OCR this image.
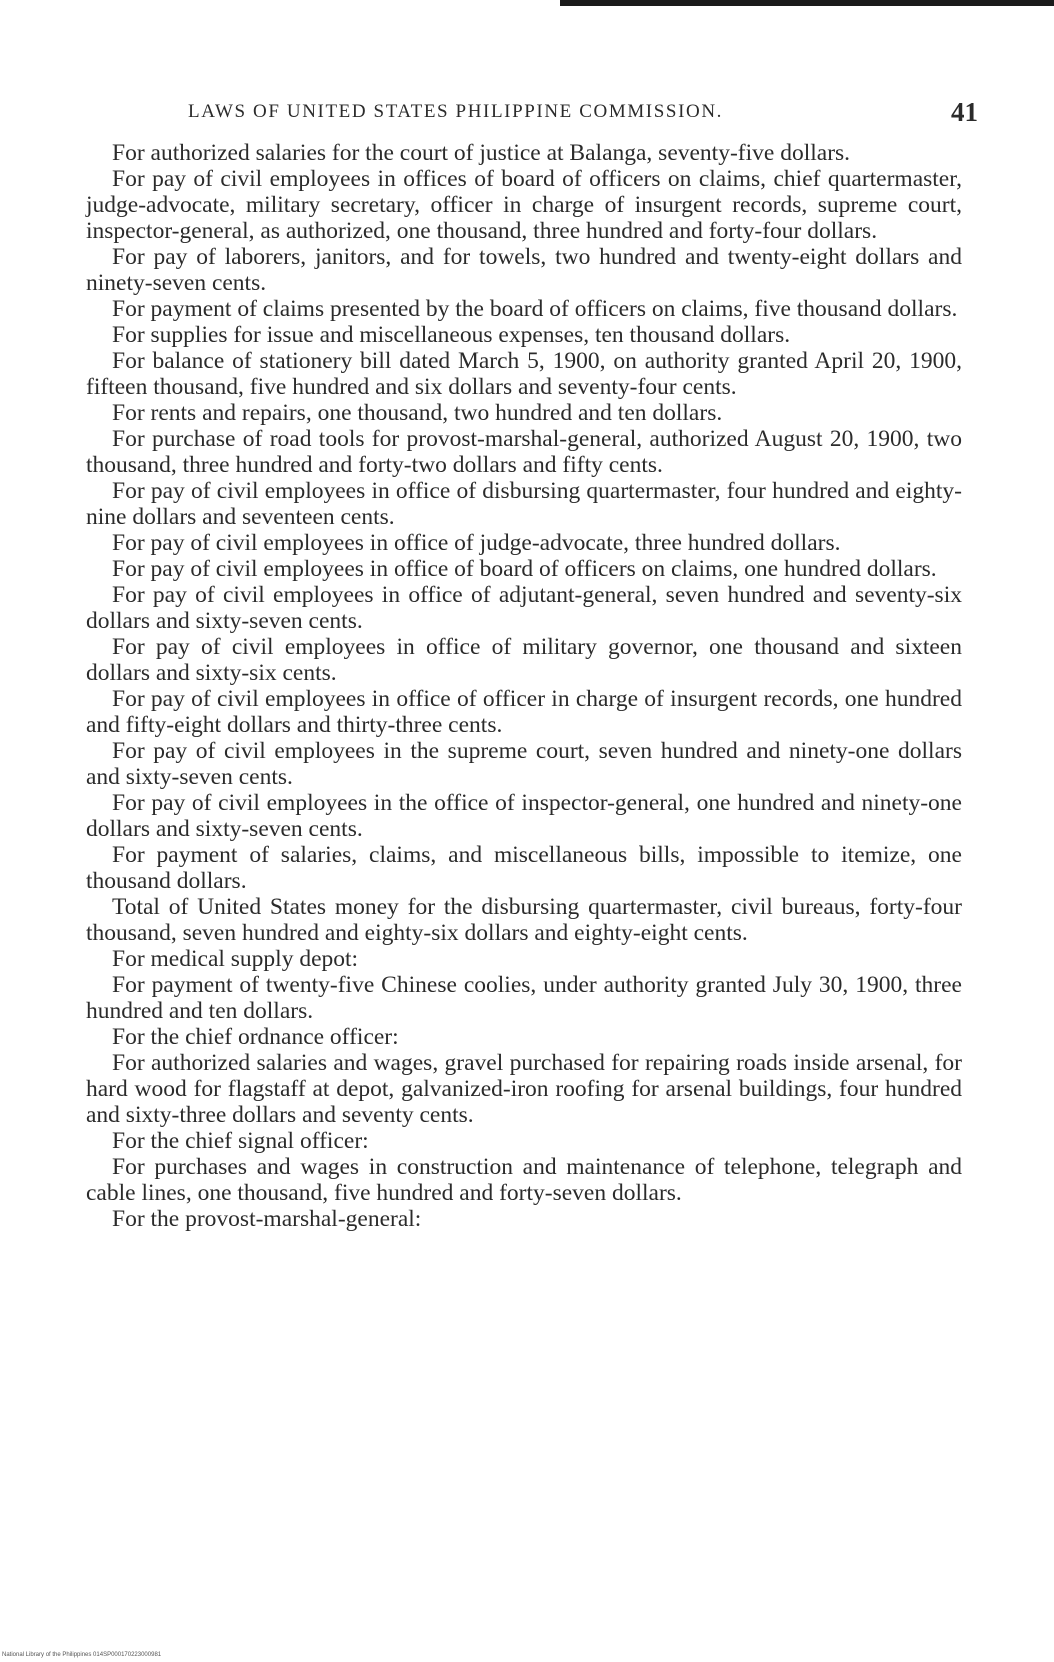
LAWS OF UNITED STATES PHILIPPINE COMMISSION.	41

For authorized salaries for the court of justice at Balanga, seventy-five dollars.

For pay of civil employees in offices of board of officers on claims, chief quartermaster, judge-advocate, military secretary, officer in charge of insurgent records, supreme court, inspector-general, as authorized, one thousand, three hundred and forty-four dollars.

For pay of laborers, janitors, and for towels, two hundred and twenty-eight dollars and ninety-seven cents.

For payment of claims presented by the board of officers on claims, five thousand dollars.

For supplies for issue and miscellaneous expenses, ten thousand dollars.

For balance of stationery bill dated March 5, 1900, on authority granted April 20, 1900, fifteen thousand, five hundred and six dollars and seventy-four cents.

For rents and repairs, one thousand, two hundred and ten dollars.

For purchase of road tools for provost-marshal-general, authorized August 20, 1900, two thousand, three hundred and forty-two dollars and fifty cents.

For pay of civil employees in office of disbursing quartermaster, four hundred and eighty-nine dollars and seventeen cents.

For pay of civil employees in office of judge-advocate, three hundred dollars.

For pay of civil employees in office of board of officers on claims, one hundred dollars.

For pay of civil employees in office of adjutant-general, seven hundred and seventy-six dollars and sixty-seven cents.

For pay of civil employees in office of military governor, one thousand and sixteen dollars and sixty-six cents.

For pay of civil employees in office of officer in charge of insurgent records, one hundred and fifty-eight dollars and thirty-three cents.

For pay of civil employees in the supreme court, seven hundred and ninety-one dollars and sixty-seven cents.

For pay of civil employees in the office of inspector-general, one hundred and ninety-one dollars and sixty-seven cents.

For payment of salaries, claims, and miscellaneous bills, impossible to itemize, one thousand dollars.

Total of United States money for the disbursing quartermaster, civil bureaus, forty-four thousand, seven hundred and eighty-six dollars and eighty-eight cents.

For medical supply depot:

For payment of twenty-five Chinese coolies, under authority granted July 30, 1900, three hundred and ten dollars.

For the chief ordnance officer:

For authorized salaries and wages, gravel purchased for repairing roads inside arsenal, for hard wood for flagstaff at depot, galvanized-iron roofing for arsenal buildings, four hundred and sixty-three dollars and seventy cents.

For the chief signal officer:

For purchases and wages in construction and maintenance of telephone, telegraph and cable lines, one thousand, five hundred and forty-seven dollars.

For the provost-marshal-general:

National Library of the Philippines 014SP000170223000981
